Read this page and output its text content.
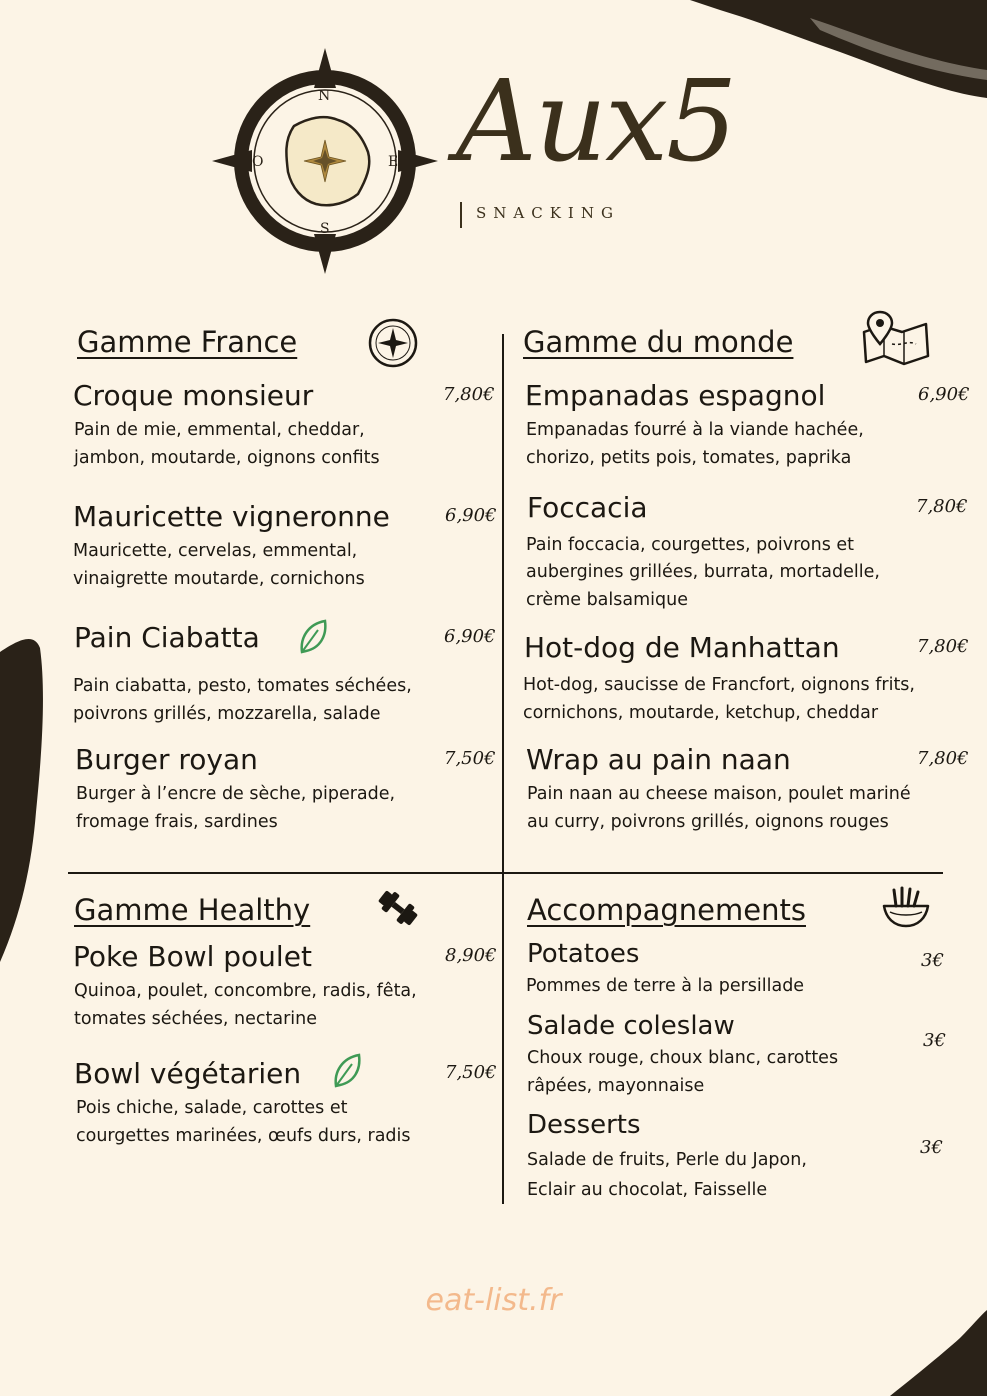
N
S
O	E Aux5
SNACKING
Gamme France
Croque monsieur	7,80€
Pain de mie, emmental, cheddar,
jambon, moutarde, oignons confits
Mauricette vigneronne	6,90€
Mauricette, cervelas, emmental,
vinaigrette moutarde, cornichons
Pain Ciabatta	6,90€
Pain ciabatta, pesto, tomates séchées,
poivrons grillés, mozzarella, salade
Burger royan	7,50€
Burger à l’encre de sèche, piperade,
fromage frais, sardines
Gamme du monde
Empanadas espagnol	6,90€
Empanadas fourré à la viande hachée,
chorizo, petits pois, tomates, paprika
Foccacia	7,80€
Pain foccacia, courgettes, poivrons et
aubergines grillées, burrata, mortadelle,
crème balsamique
Hot-dog de Manhattan	7,80€
Hot-dog, saucisse de Francfort, oignons frits,
cornichons, moutarde, ketchup, cheddar
Wrap au pain naan	7,80€
Pain naan au cheese maison, poulet mariné
au curry, poivrons grillés, oignons rouges
Gamme Healthy
Poke Bowl poulet	8,90€
Quinoa, poulet, concombre, radis, fêta,
tomates séchées, nectarine
Bowl végétarien	7,50€
Pois chiche, salade, carottes et
courgettes marinées, œufs durs, radis
Accompagnements
Potatoes	3€
Pommes de terre à la persillade
Salade coleslaw	3€
Choux rouge, choux blanc, carottes
râpées, mayonnaise
Desserts
3€
Salade de fruits, Perle du Japon,
Eclair au chocolat, Faisselle
eat-list.fr
